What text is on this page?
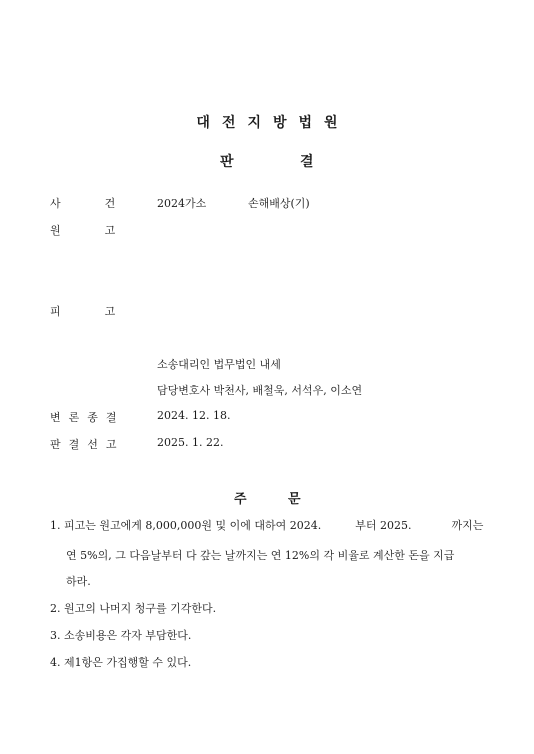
대전지방법원
판	결
사	건	2024가소	손해배상(기)
원	고
피	고
소송대리인 법무법인 내세
담당변호사 박천사, 배철욱, 서석우, 이소연
변 론 종 결	2024. 12. 18.
판 결 선 고	2025. 1. 22.
주	문
1. 피고는 원고에게 8,000,000원 및 이에 대하여 2024.	부터 2025.	까지는
연 5%의, 그 다음날부터 다 갚는 날까지는 연 12%의 각 비율로 계산한 돈을 지급
하라.
2. 원고의 나머지 청구를 기각한다.
3. 소송비용은 각자 부담한다.
4. 제1항은 가집행할 수 있다.
